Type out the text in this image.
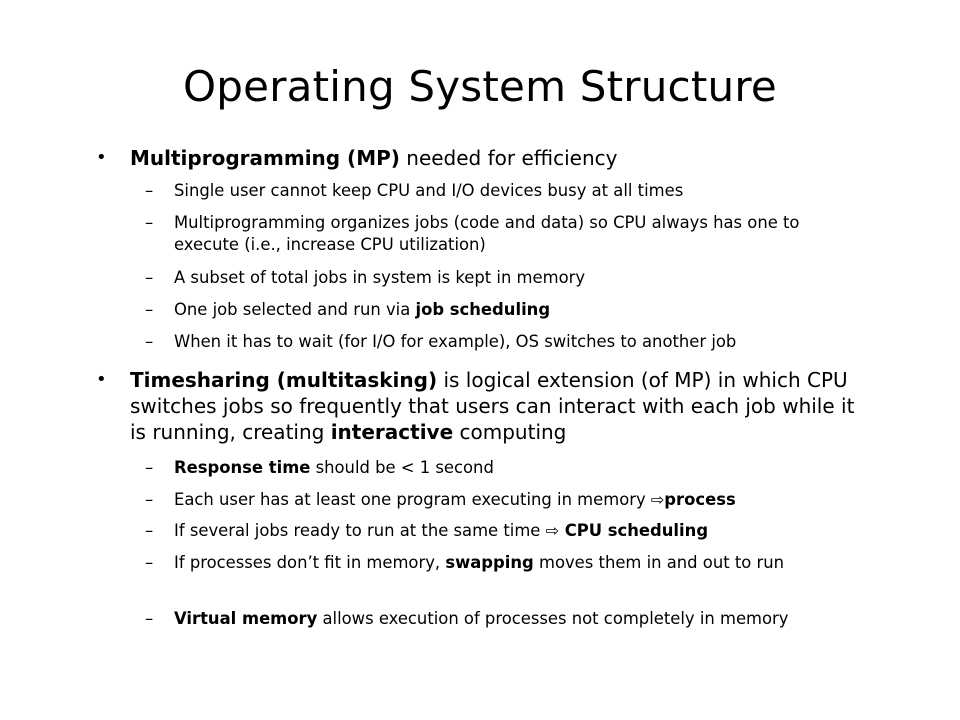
Operating System Structure
• Multiprogramming (MP) needed for efficiency
– Single user cannot keep CPU and I/O devices busy at all times
– Multiprogramming organizes jobs (code and data) so CPU always has one to execute (i.e., increase CPU utilization)
– A subset of total jobs in system is kept in memory
– One job selected and run via job scheduling
– When it has to wait (for I/O for example), OS switches to another job
• Timesharing (multitasking) is logical extension (of MP) in which CPU switches jobs so frequently that users can interact with each job while it is running, creating interactive computing
– Response time should be < 1 second
– Each user has at least one program executing in memory ⇨process
– If several jobs ready to run at the same time ⇨ CPU scheduling
– If processes don’t fit in memory, swapping moves them in and out to run
– Virtual memory allows execution of processes not completely in memory
